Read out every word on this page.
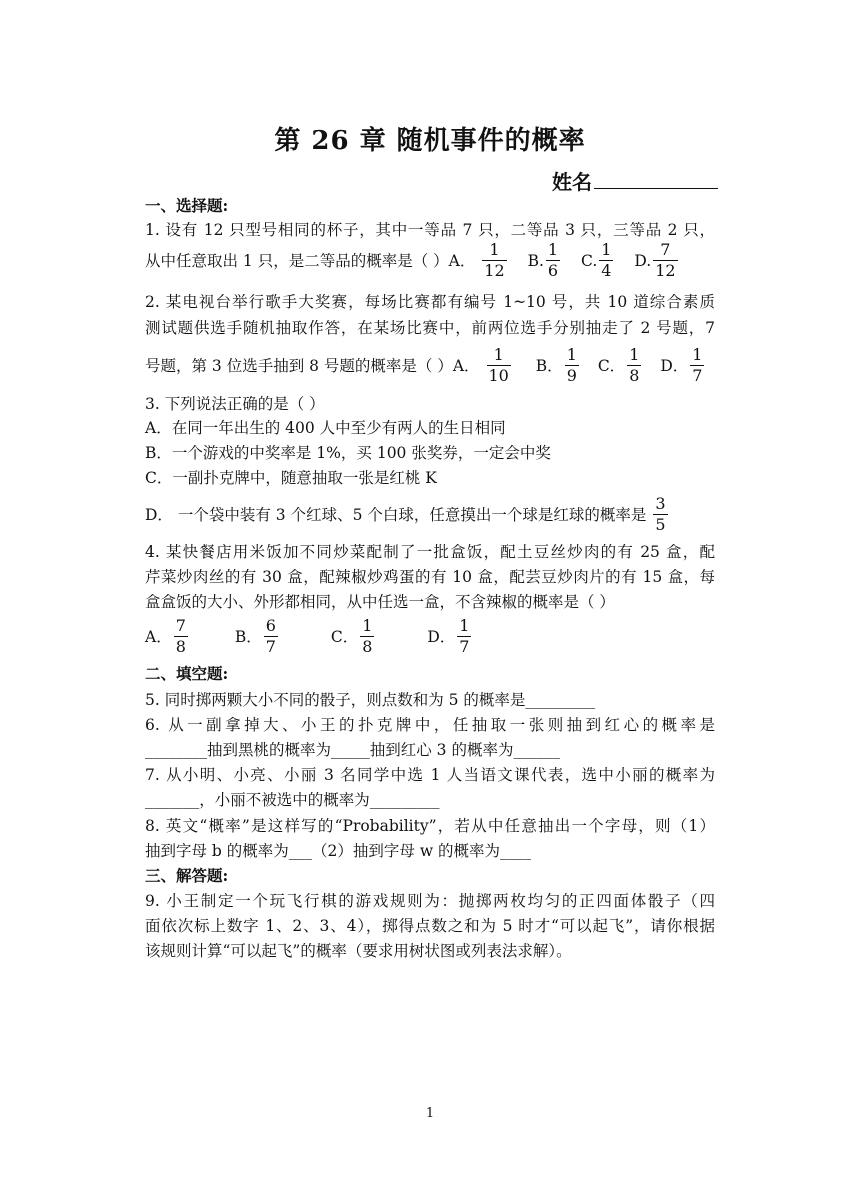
第 26 章 随机事件的概率
姓名
一、选择题:
1. 设有 12 只型号相同的杯子，其中一等品 7 只，二等品 3 只，三等品 2 只，
从中任意取出 1 只，是二等品的概率是（ ）A． $\frac{1}{12} B$. $\frac{1}{6} C$. $\frac{1}{4} D$. $\frac{7}{12}$
2. 某电视台举行歌手大奖赛，每场比赛都有编号 1~10 号，共 10 道综合素质
测试题供选手随机抽取作答，在某场比赛中，前两位选手分别抽走了 2 号题，7
号题，第 3 位选手抽到 8 号题的概率是（ ）A． $\frac{1}{10}$ B． $\frac{1}{9}$ C． $\frac{1}{8}$ D． $\frac{1}{7}$
3. 下列说法正确的是（ ）
A．在同一年出生的 400 人中至少有两人的生日相同
B．一个游戏的中奖率是 1%，买 100 张奖券，一定会中奖
C．一副扑克牌中，随意抽取一张是红桃 K
D． 一个袋中装有 3 个红球、5 个白球，任意摸出一个球是红球的概率是 $\frac{3}{5}$
4. 某快餐店用米饭加不同炒菜配制了一批盒饭，配土豆丝炒肉的有 25 盒，配
芹菜炒肉丝的有 30 盒，配辣椒炒鸡蛋的有 10 盒，配芸豆炒肉片的有 15 盒，每
盒盒饭的大小、外形都相同，从中任选一盒，不含辣椒的概率是（ ）
A． $\frac{7}{8}$	B． $\frac{6}{7}$	C． $\frac{1}{8}$	D． $\frac{1}{7}$
二、填空题:
5. 同时掷两颗大小不同的骰子，则点数和为 5 的概率是_________
6. 从一副拿掉大、小王的扑克牌中，任抽取一张则抽到红心的概率是
________抽到黑桃的概率为_____抽到红心 3 的概率为______
7. 从小明、小亮、小丽 3 名同学中选 1 人当语文课代表，选中小丽的概率为
_______，小丽不被选中的概率为_________
8. 英文“概率”是这样写的“Probability”，若从中任意抽出一个字母，则（1）
抽到字母 b 的概率为___（2）抽到字母 w 的概率为____
三、解答题:
9. 小王制定一个玩飞行棋的游戏规则为：抛掷两枚均匀的正四面体骰子（四
面依次标上数字 1、2、3、4），掷得点数之和为 5 时才“可以起飞”，请你根据
该规则计算“可以起飞”的概率（要求用树状图或列表法求解）。
1
